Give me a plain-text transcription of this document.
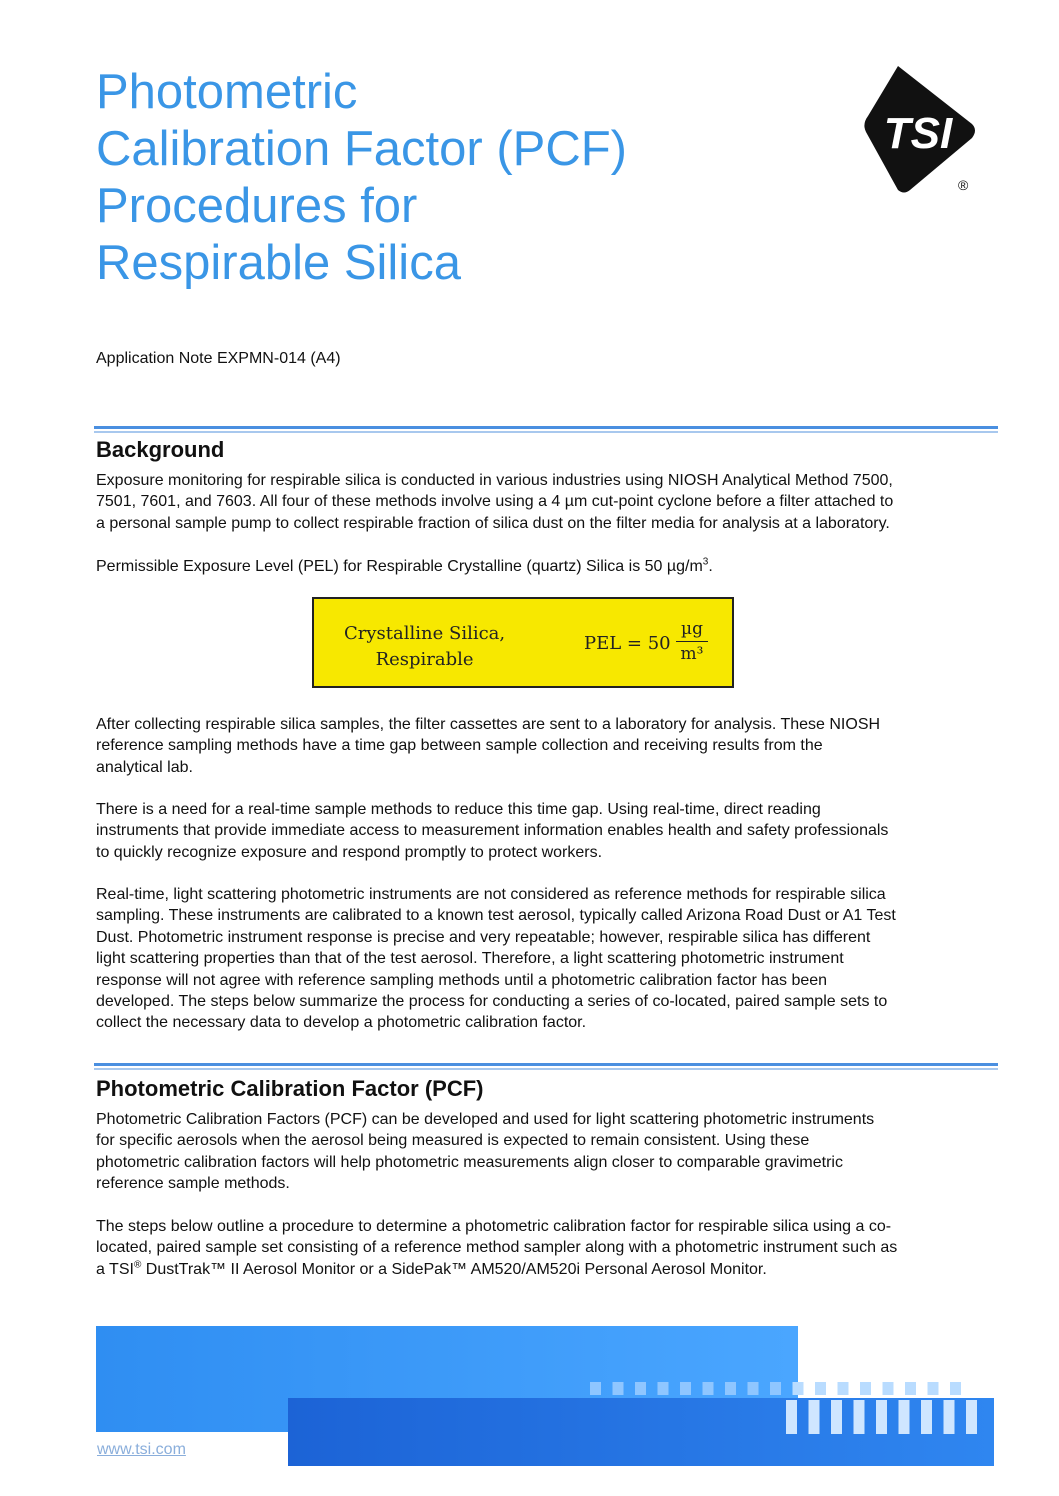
Photometric
Calibration Factor (PCF)
Procedures for
Respirable Silica
TSI
®

Application Note EXPMN-014 (A4)

Background

Exposure monitoring for respirable silica is conducted in various industries using NIOSH Analytical Method 7500,
7501, 7601, and 7603. All four of these methods involve using a 4 µm cut-point cyclone before a filter attached to
a personal sample pump to collect respirable fraction of silica dust on the filter media for analysis at a laboratory.

Permissible Exposure Level (PEL) for Respirable Crystalline (quartz) Silica is 50 $\mu g/m^3$.

Crystalline Silica,
Respirable
PEL = 50
µg
m³

After collecting respirable silica samples, the filter cassettes are sent to a laboratory for analysis. These NIOSH
reference sampling methods have a time gap between sample collection and receiving results from the
analytical lab.

There is a need for a real-time sample methods to reduce this time gap. Using real-time, direct reading
instruments that provide immediate access to measurement information enables health and safety professionals
to quickly recognize exposure and respond promptly to protect workers.

Real-time, light scattering photometric instruments are not considered as reference methods for respirable silica
sampling. These instruments are calibrated to a known test aerosol, typically called Arizona Road Dust or A1 Test
Dust. Photometric instrument response is precise and very repeatable; however, respirable silica has different
light scattering properties than that of the test aerosol. Therefore, a light scattering photometric instrument
response will not agree with reference sampling methods until a photometric calibration factor has been
developed. The steps below summarize the process for conducting a series of co-located, paired sample sets to
collect the necessary data to develop a photometric calibration factor.

Photometric Calibration Factor (PCF)

Photometric Calibration Factors (PCF) can be developed and used for light scattering photometric instruments
for specific aerosols when the aerosol being measured is expected to remain consistent. Using these
photometric calibration factors will help photometric measurements align closer to comparable gravimetric
reference sample methods.

The steps below outline a procedure to determine a photometric calibration factor for respirable silica using a co-
located, paired sample set consisting of a reference method sampler along with a photometric instrument such as
a TSI® DustTrak™ II Aerosol Monitor or a SidePak™ AM520/AM520i Personal Aerosol Monitor.

www.tsi.com
